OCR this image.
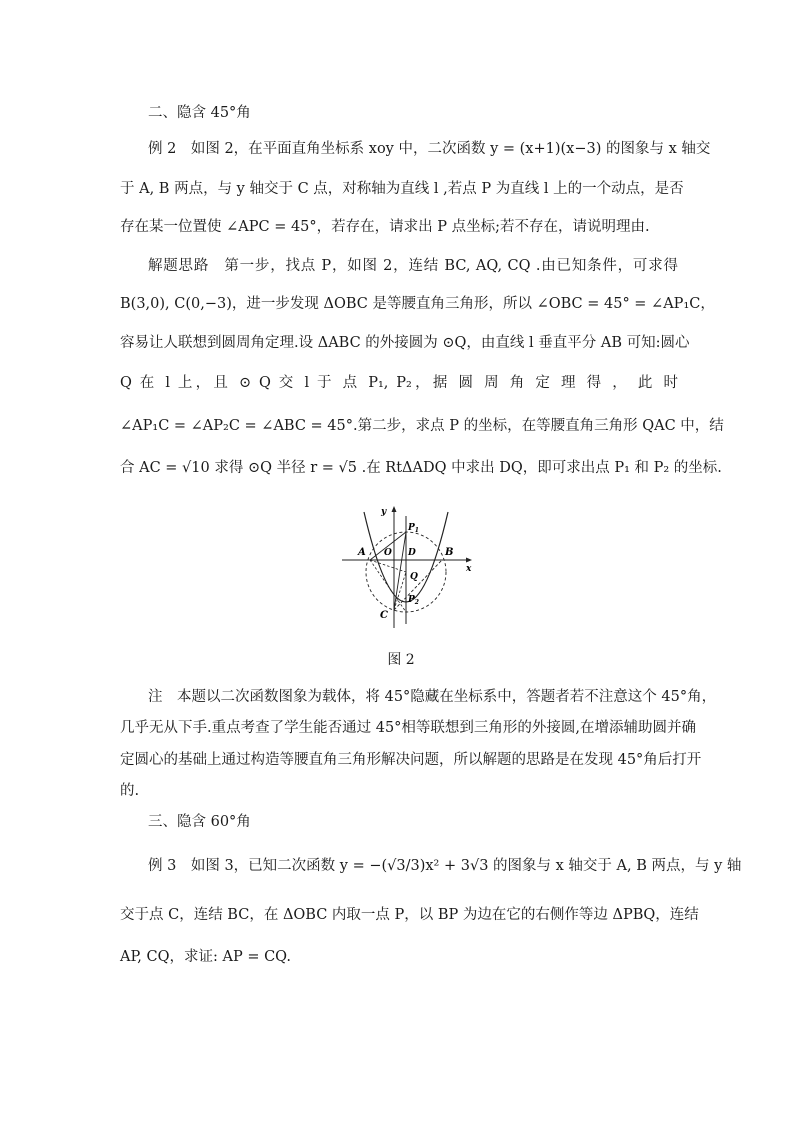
二、隐含 45°角
例 2　如图 2，在平面直角坐标系 xoy 中，二次函数 y = (x+1)(x−3) 的图象与 x 轴交
于 A, B 两点，与 y 轴交于 C 点，对称轴为直线 l ,若点 P 为直线 l 上的一个动点，是否
存在某一位置使 ∠APC = 45°，若存在，请求出 P 点坐标;若不存在，请说明理由.
解题思路　第一步，找点 P，如图 2，连结 BC, AQ, CQ .由已知条件，可求得
B(3,0), C(0,−3)，进一步发现 ΔOBC 是等腰直角三角形，所以 ∠OBC = 45° = ∠AP₁C，
容易让人联想到圆周角定理.设 ΔABC 的外接圆为 ⊙Q，由直线 l 垂直平分 AB 可知:圆心
Q 在 l 上，且 ⊙ Q 交 l 于 点 P₁, P₂，据 圆 周 角 定 理 得 ， 此 时
∠AP₁C = ∠AP₂C = ∠ABC = 45°.第二步，求点 P 的坐标，在等腰直角三角形 QAC 中，结
合 AC = √10 求得 ⊙Q 半径 r = √5 .在 RtΔADQ 中求出 DQ，即可求出点 P₁ 和 P₂ 的坐标.
y
x
A O D	B
$P_1$
Q
$P_2$
C
图 2
注　本题以二次函数图象为载体，将 45°隐藏在坐标系中，答题者若不注意这个 45°角，
几乎无从下手.重点考查了学生能否通过 45°相等联想到三角形的外接圆,在增添辅助圆并确
定圆心的基础上通过构造等腰直角三角形解决问题，所以解题的思路是在发现 45°角后打开
的.
三、隐含 60°角
例 3　如图 3，已知二次函数 y = −(√3/3)x² + 3√3 的图象与 x 轴交于 A, B 两点，与 y 轴
交于点 C，连结 BC，在 ΔOBC 内取一点 P，以 BP 为边在它的右侧作等边 ΔPBQ，连结
AP, CQ，求证: AP = CQ.
